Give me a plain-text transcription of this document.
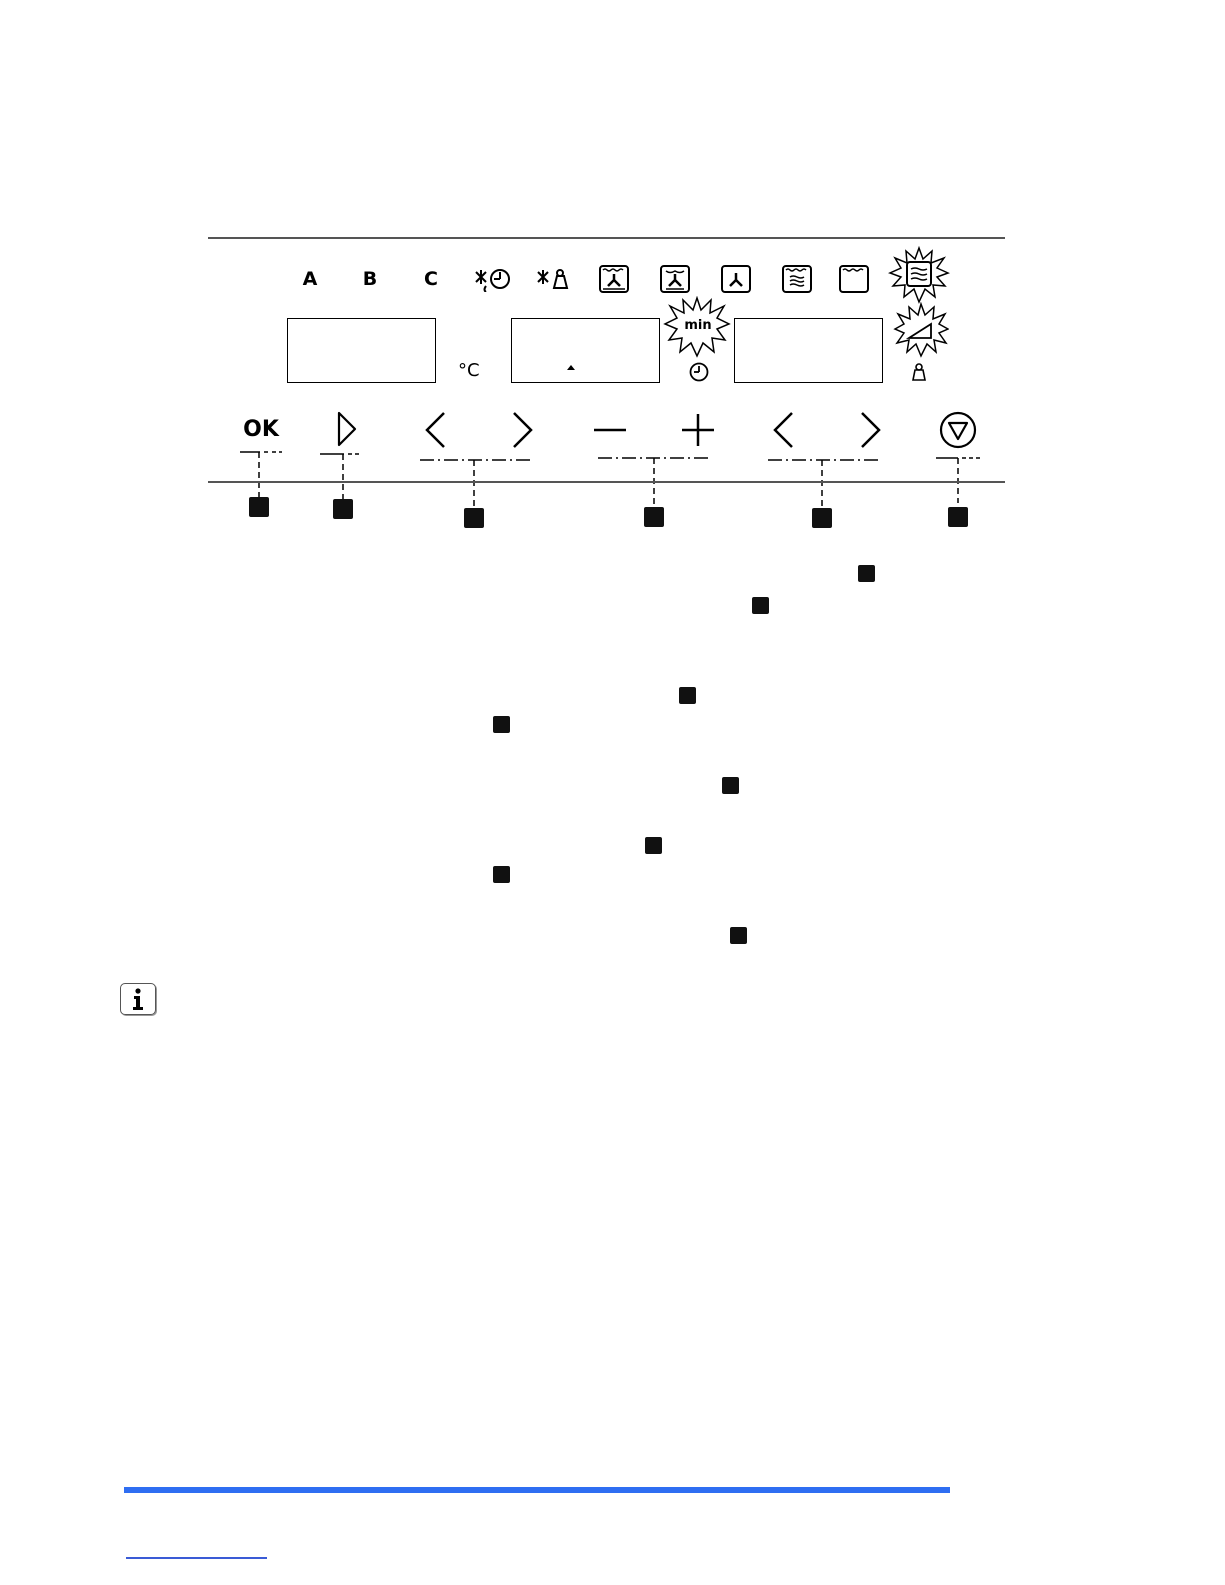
A	B	C
°C
min
OK
